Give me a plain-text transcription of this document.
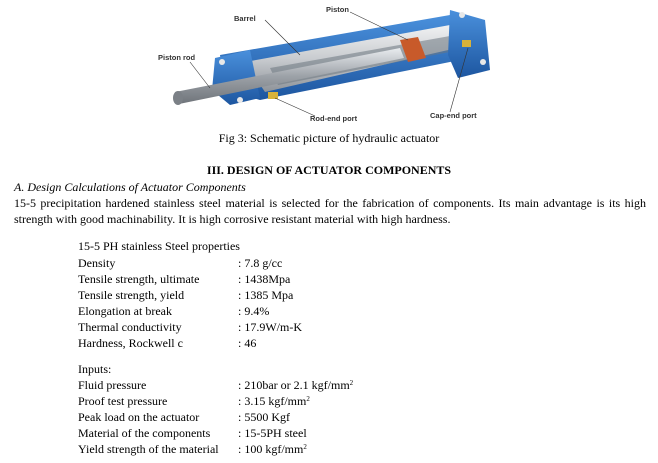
Barrel
Piston
Piston rod
Rod-end port	Cap-end port
Fig 3: Schematic picture of hydraulic actuator
III. DESIGN OF ACTUATOR COMPONENTS
A. Design Calculations of Actuator Components
15-5 precipitation hardened stainless steel material is selected for the fabrication of components. Its main advantage is its high strength with good machinability. It is high corrosive resistant material with high hardness.
15-5 PH stainless Steel properties
Density	: 7.8 g/cc
Tensile strength, ultimate	: 1438Mpa
Tensile strength, yield	: 1385 Mpa
Elongation at break	: 9.4%
Thermal conductivity	: 17.9W/m-K
Hardness, Rockwell c	: 46
Inputs:
Fluid pressure	: 210bar or 2.1 kgf/$mm^2$
Proof test pressure	: 3.15 kgf/$mm^2$
Peak load on the actuator	: 5500 Kgf
Material of the components : 15-5PH steel
Yield strength of the material : 100 kgf/$mm^2$
